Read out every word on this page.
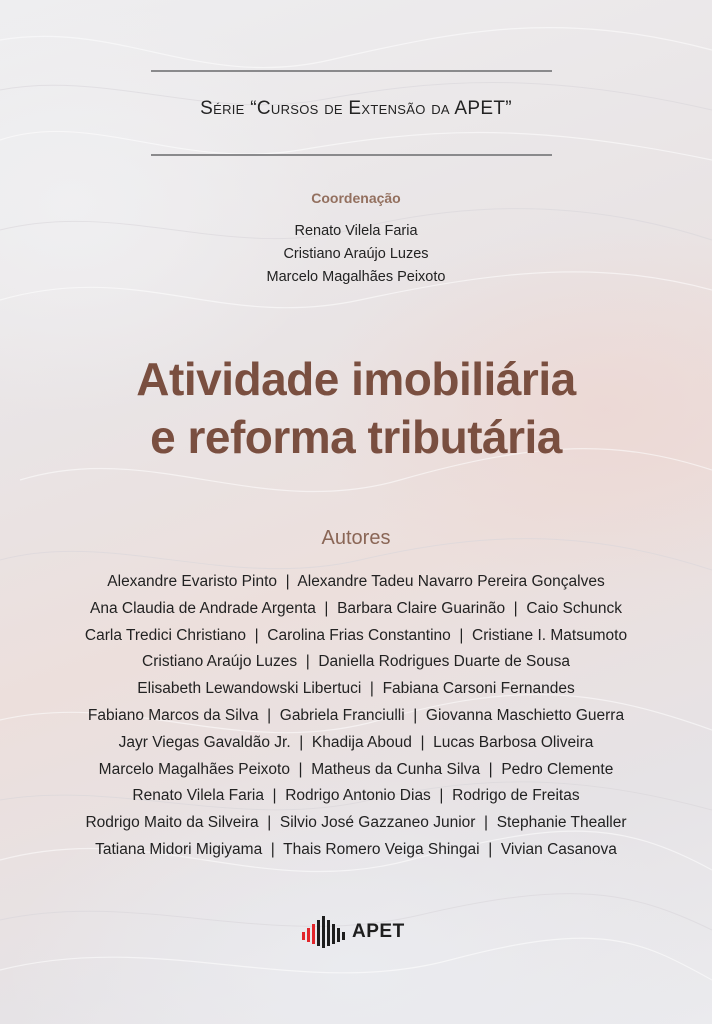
Série “Cursos de Extensão da APET”
Coordenação
Renato Vilela Faria
Cristiano Araújo Luzes
Marcelo Magalhães Peixoto
Atividade imobiliária
e reforma tributária
Autores
Alexandre Evaristo Pinto  |  Alexandre Tadeu Navarro Pereira Gonçalves
Ana Claudia de Andrade Argenta  |  Barbara Claire Guarinão  |  Caio Schunck
Carla Tredici Christiano  |  Carolina Frias Constantino  |  Cristiane I. Matsumoto
Cristiano Araújo Luzes  |  Daniella Rodrigues Duarte de Sousa
Elisabeth Lewandowski Libertuci  |  Fabiana Carsoni Fernandes
Fabiano Marcos da Silva  |  Gabriela Franciulli  |  Giovanna Maschietto Guerra
Jayr Viegas Gavaldão Jr.  |  Khadija Aboud  |  Lucas Barbosa Oliveira
Marcelo Magalhães Peixoto  |  Matheus da Cunha Silva  |  Pedro Clemente
Renato Vilela Faria  |  Rodrigo Antonio Dias  |  Rodrigo de Freitas
Rodrigo Maito da Silveira  |  Silvio José Gazzaneo Junior  |  Stephanie Thealler
Tatiana Midori Migiyama  |  Thais Romero Veiga Shingai  |  Vivian Casanova
APET
